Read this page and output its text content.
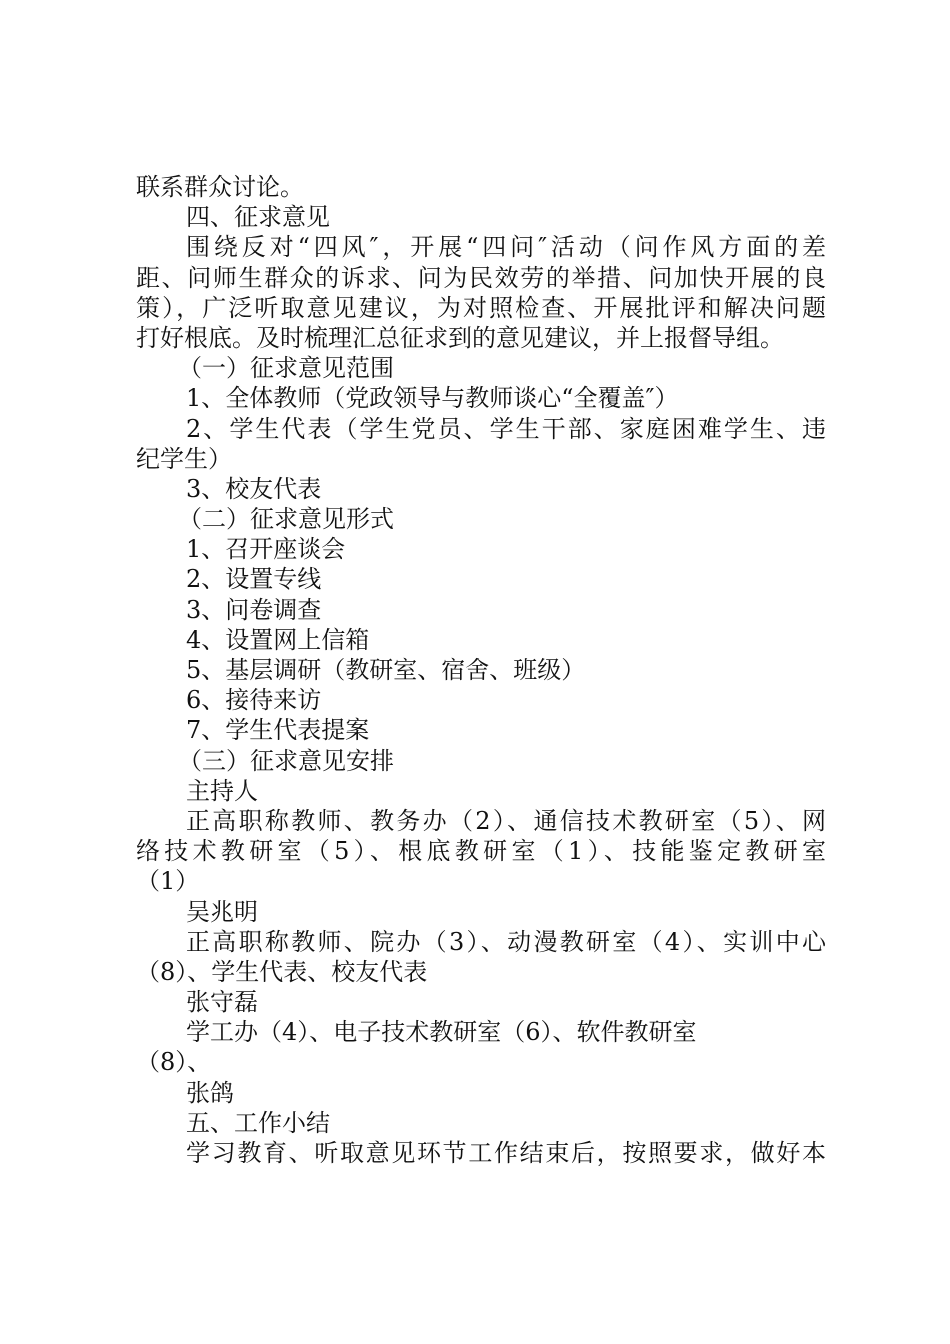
联系群众讨论。
四、征求意见
围绕反对“四风″，开展“四问″活动（问作风方面的差
距、问师生群众的诉求、问为民效劳的举措、问加快开展的良
策），广泛听取意见建议，为对照检查、开展批评和解决问题
打好根底。及时梳理汇总征求到的意见建议，并上报督导组。
（一）征求意见范围
1、全体教师（党政领导与教师谈心“全覆盖″）
2、学生代表（学生党员、学生干部、家庭困难学生、违
纪学生）
3、校友代表
（二）征求意见形式
1、召开座谈会
2、设置专线
3、问卷调查
4、设置网上信箱
5、基层调研（教研室、宿舍、班级）
6、接待来访
7、学生代表提案
（三）征求意见安排
主持人
正高职称教师、教务办（2）、通信技术教研室（5）、网
络技术教研室（5）、根底教研室（1）、技能鉴定教研室
（1）
吴兆明
正高职称教师、院办（3）、动漫教研室（4）、实训中心
（8）、学生代表、校友代表
张守磊
学工办（4）、电子技术教研室（6）、软件教研室
（8）、
张鸽
五、工作小结
学习教育、听取意见环节工作结束后，按照要求，做好本
